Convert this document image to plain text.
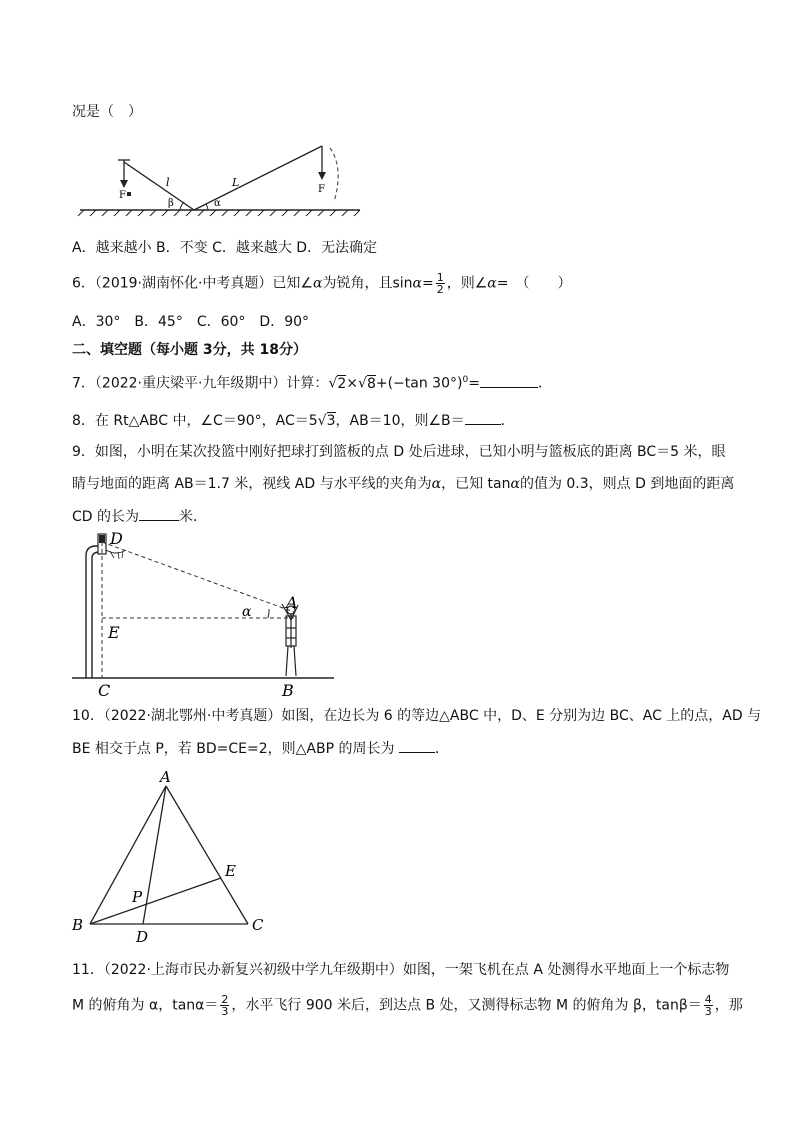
况是（　）
F
l	L
β	α
F
A．越来越小 B．不变 C．越来越大 D．无法确定
6．（2019·湖南怀化·中考真题）已知∠α为锐角，且$\sin\alpha= \frac{1}{2}$ ，则∠α=　（　　）
A．30°　 B．45°　 C．60°　 D．90°
二、填空题（每小题 3分，共 18分）
7．（2022·重庆梁平·九年级期中）计算：√2×√8+(−tan 30°)$^0$=	．
8．在 Rt△ABC 中，∠C＝90°，AC＝5√3，AB＝10，则∠B＝	．
9．如图，小明在某次投篮中刚好把球打到篮板的点 D 处后进球，已知小明与篮板底的距离 BC＝5 米，眼
睛与地面的距离 AB＝1.7 米，视线 AD 与水平线的夹角为α，已知 tanα的值为 0.3，则点 D 到地面的距离
CD 的长为	米．
D
A
α
E
C	B
10．（2022·湖北鄂州·中考真题）如图，在边长为 6 的等边△ABC 中，D、E 分别为边 BC、AC 上的点，AD 与
BE 相交于点 P，若 BD=CE=2，则△ABP 的周长为	．
A
B	C
D
E
P
11．（2022·上海市民办新复兴初级中学九年级期中）如图，一架飞机在点 A 处测得水平地面上一个标志物
M 的俯角为 α，$\tan\alpha= \frac{2}{3}$ ，水平飞行 900 米后，到达点 B 处，又测得标志物 M 的俯角为 β，$\tan\beta= \frac{4}{3}$ ，那
